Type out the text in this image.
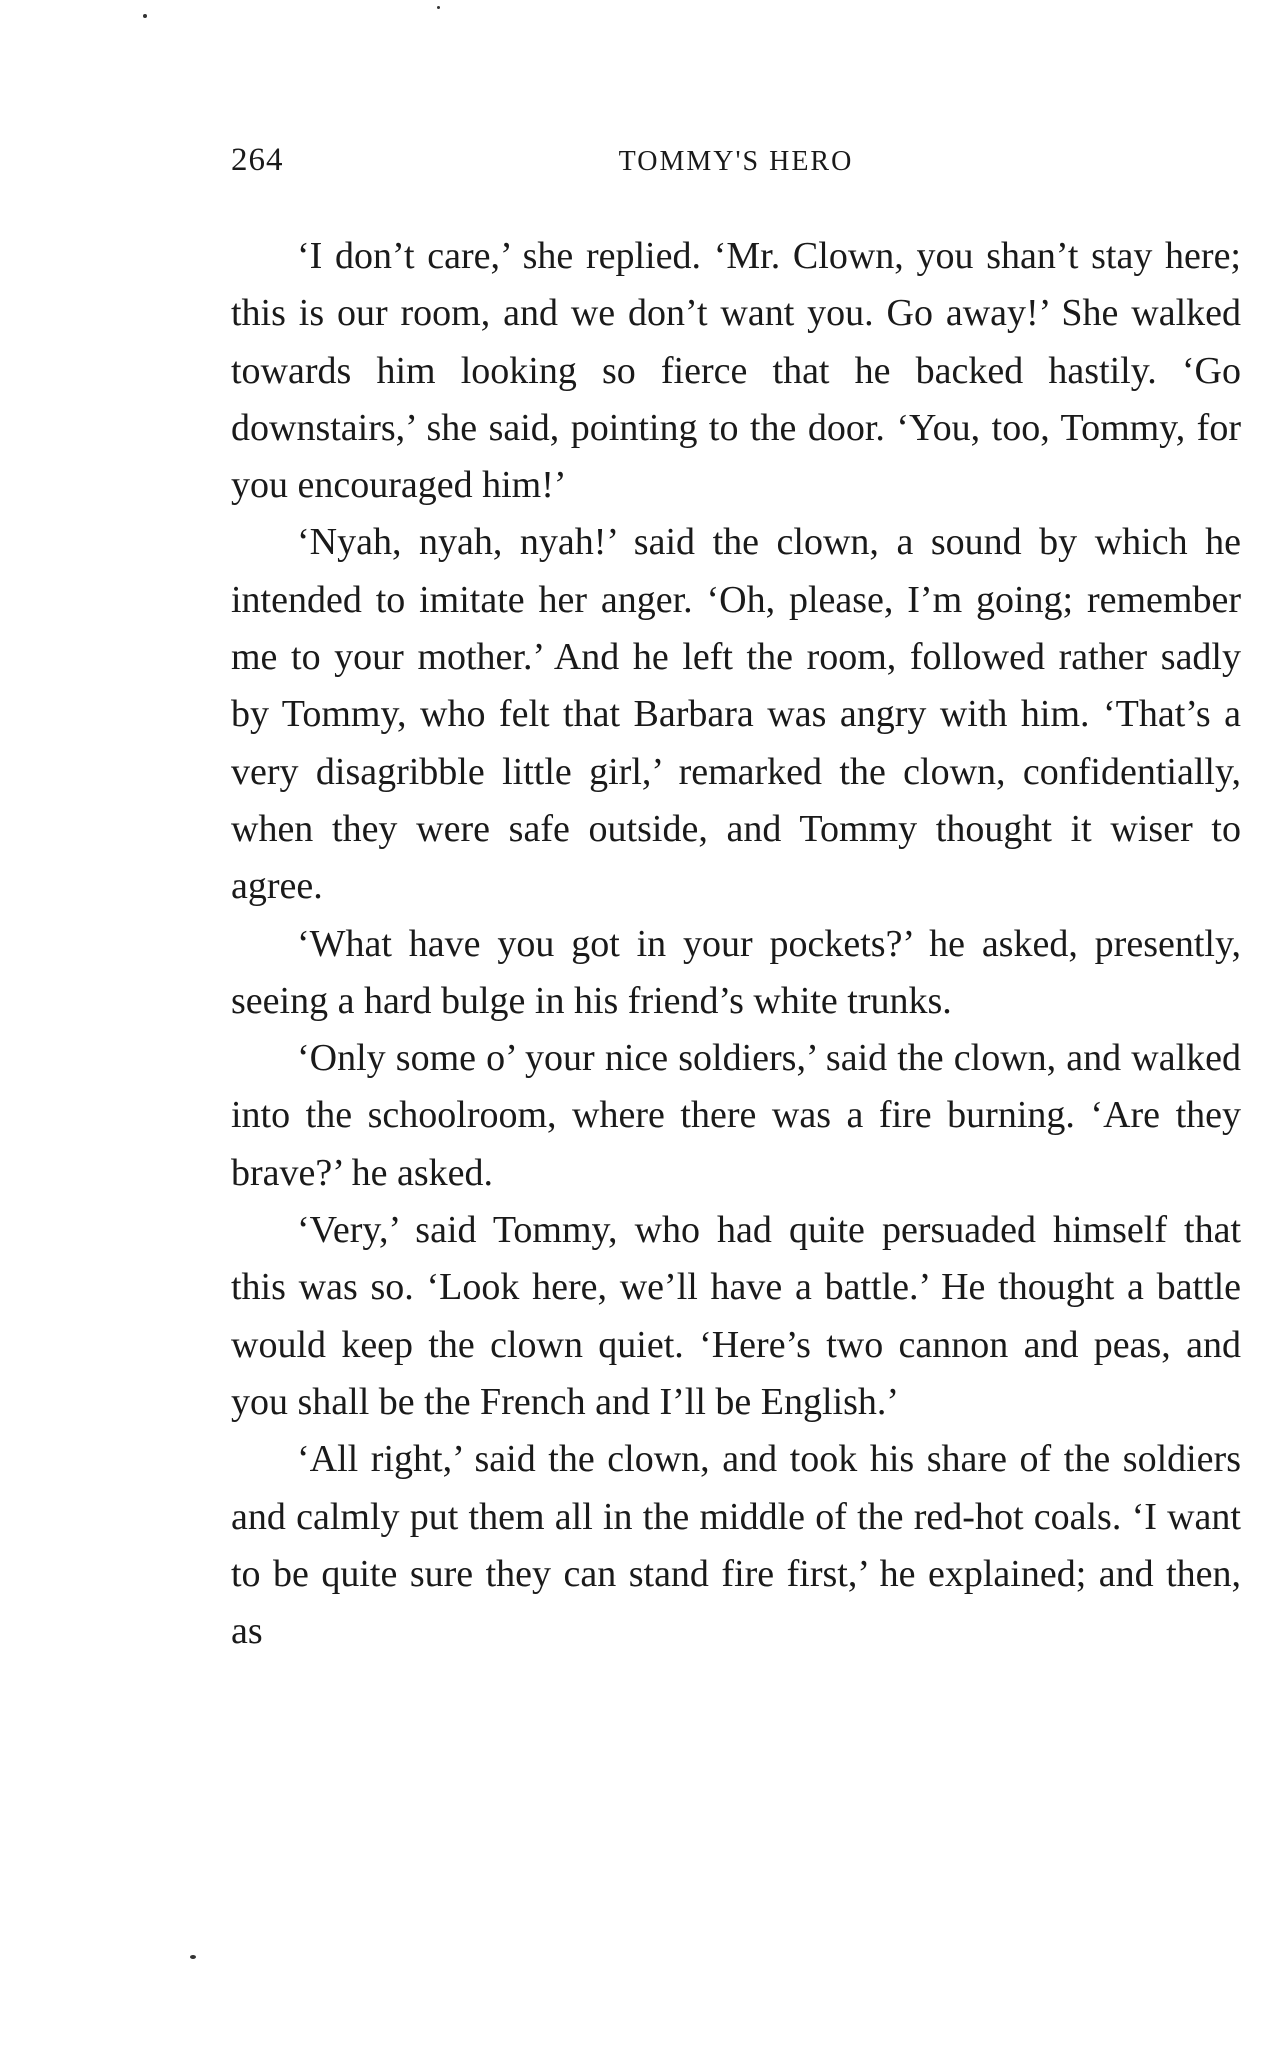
264	TOMMY'S HERO

‘I don’t care,’ she replied. ‘Mr. Clown, you shan’t stay here; this is our room, and we don’t want you. Go away!’ She walked towards him looking so fierce that he backed hastily. ‘Go downstairs,’ she said, pointing to the door. ‘You, too, Tommy, for you encouraged him!’

‘Nyah, nyah, nyah!’ said the clown, a sound by which he intended to imitate her anger. ‘Oh, please, I’m going; remember me to your mother.’ And he left the room, followed rather sadly by Tommy, who felt that Barbara was angry with him. ‘That’s a very disagribble little girl,’ remarked the clown, confidentially, when they were safe outside, and Tommy thought it wiser to agree.

‘What have you got in your pockets?’ he asked, presently, seeing a hard bulge in his friend’s white trunks.

‘Only some o’ your nice soldiers,’ said the clown, and walked into the schoolroom, where there was a fire burning. ‘Are they brave?’ he asked.

‘Very,’ said Tommy, who had quite persuaded himself that this was so. ‘Look here, we’ll have a battle.’ He thought a battle would keep the clown quiet. ‘Here’s two cannon and peas, and you shall be the French and I’ll be English.’

‘All right,’ said the clown, and took his share of the soldiers and calmly put them all in the middle of the red-hot coals. ‘I want to be quite sure they can stand fire first,’ he explained; and then, as
